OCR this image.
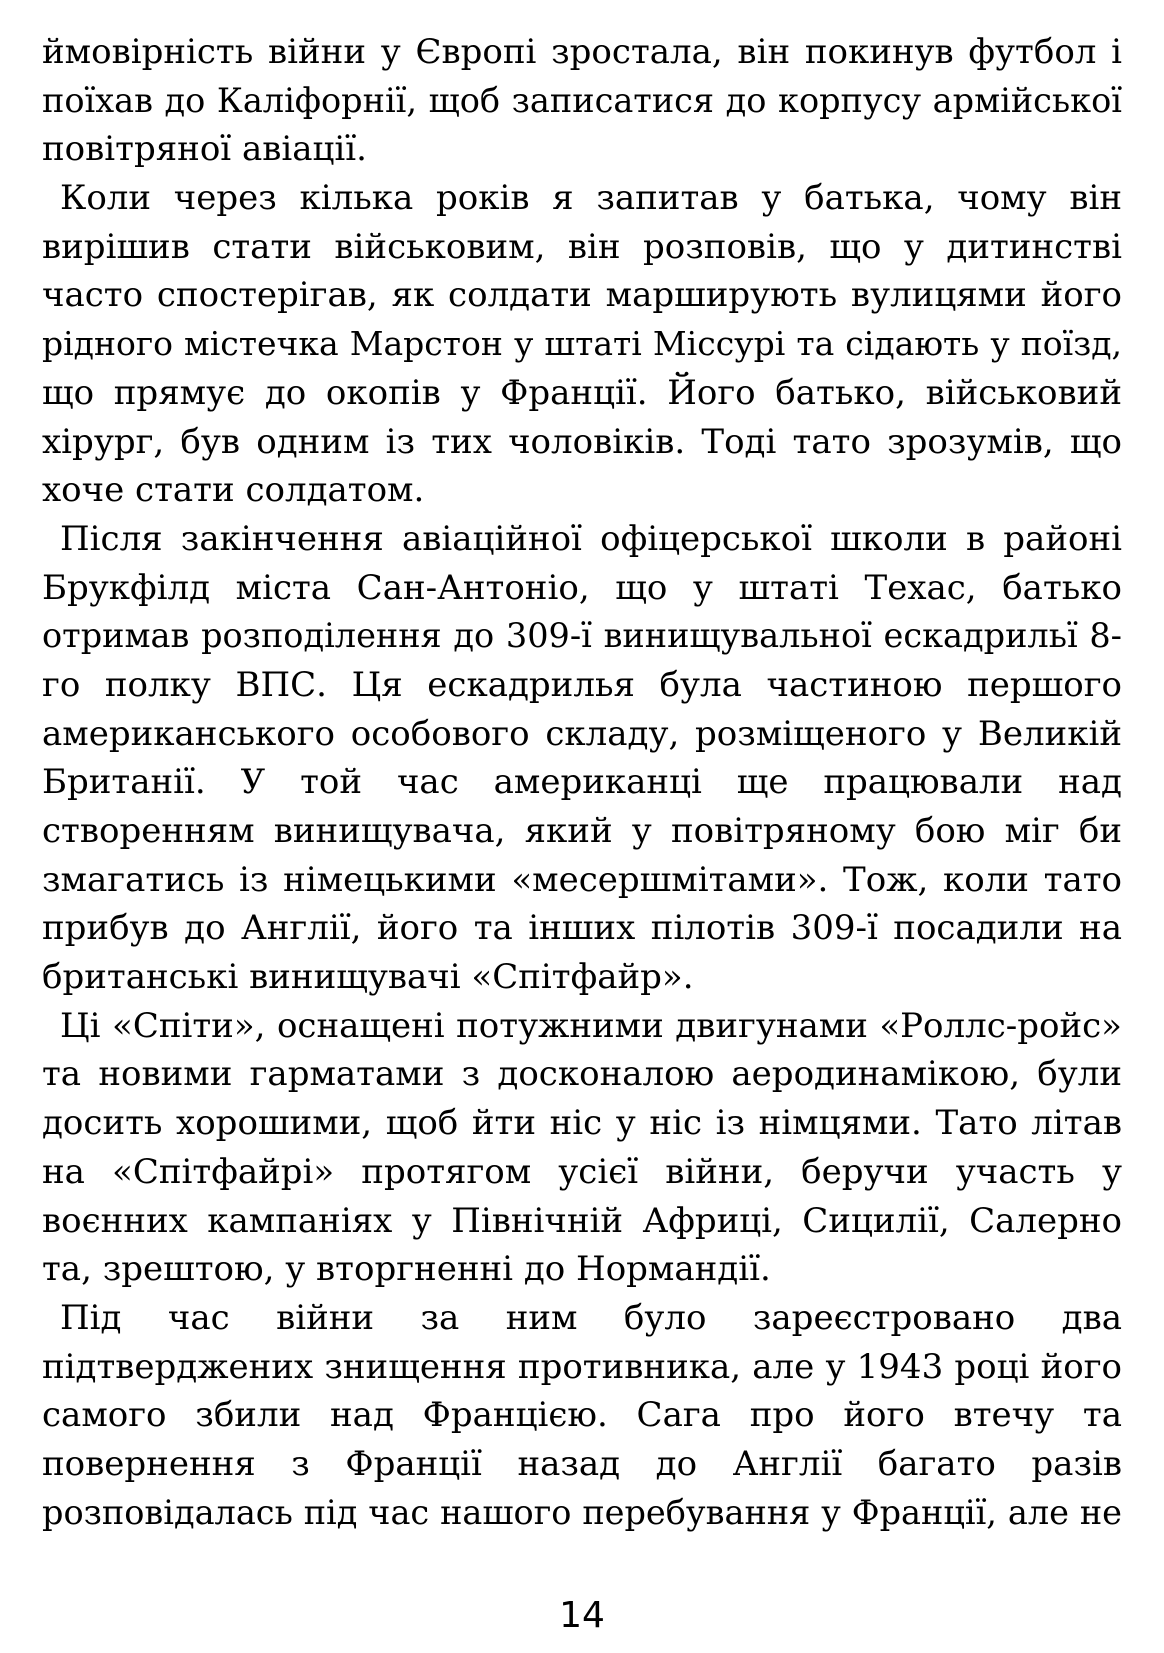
ймовірність війни у Європі зростала, він покинув футбол і
поїхав до Каліфорнії, щоб записатися до корпусу армійської
повітряної авіації.
Коли через кілька років я запитав у батька, чому він
вирішив стати військовим, він розповів, що у дитинстві
часто спостерігав, як солдати марширують вулицями його
рідного містечка Марстон у штаті Міссурі та сідають у поїзд,
що прямує до окопів у Франції. Його батько, військовий
хірург, був одним із тих чоловіків. Тоді тато зрозумів, що
хоче стати солдатом.
Після закінчення авіаційної офіцерської школи в районі
Брукфілд міста Сан-Антоніо, що у штаті Техас, батько
отримав розподілення до 309-ї винищувальної ескадрильї 8-
го полку ВПС. Ця ескадрилья була частиною першого
американського особового складу, розміщеного у Великій
Британії. У той час американці ще працювали над
створенням винищувача, який у повітряному бою міг би
змагатись із німецькими «месершмітами». Тож, коли тато
прибув до Англії, його та інших пілотів 309-ї посадили на
британські винищувачі «Спітфайр».
Ці «Спіти», оснащені потужними двигунами «Роллс-ройс»
та новими гарматами з досконалою аеродинамікою, були
досить хорошими, щоб йти ніс у ніс із німцями. Тато літав
на «Спітфайрі» протягом усієї війни, беручи участь у
воєнних кампаніях у Північній Африці, Сицилії, Салерно
та, зрештою, у вторгненні до Нормандії.
Під час війни за ним було зареєстровано два
підтверджених знищення противника, але у 1943 році його
самого збили над Францією. Сага про його втечу та
повернення з Франції назад до Англії багато разів
розповідалась під час нашого перебування у Франції, але не
14
